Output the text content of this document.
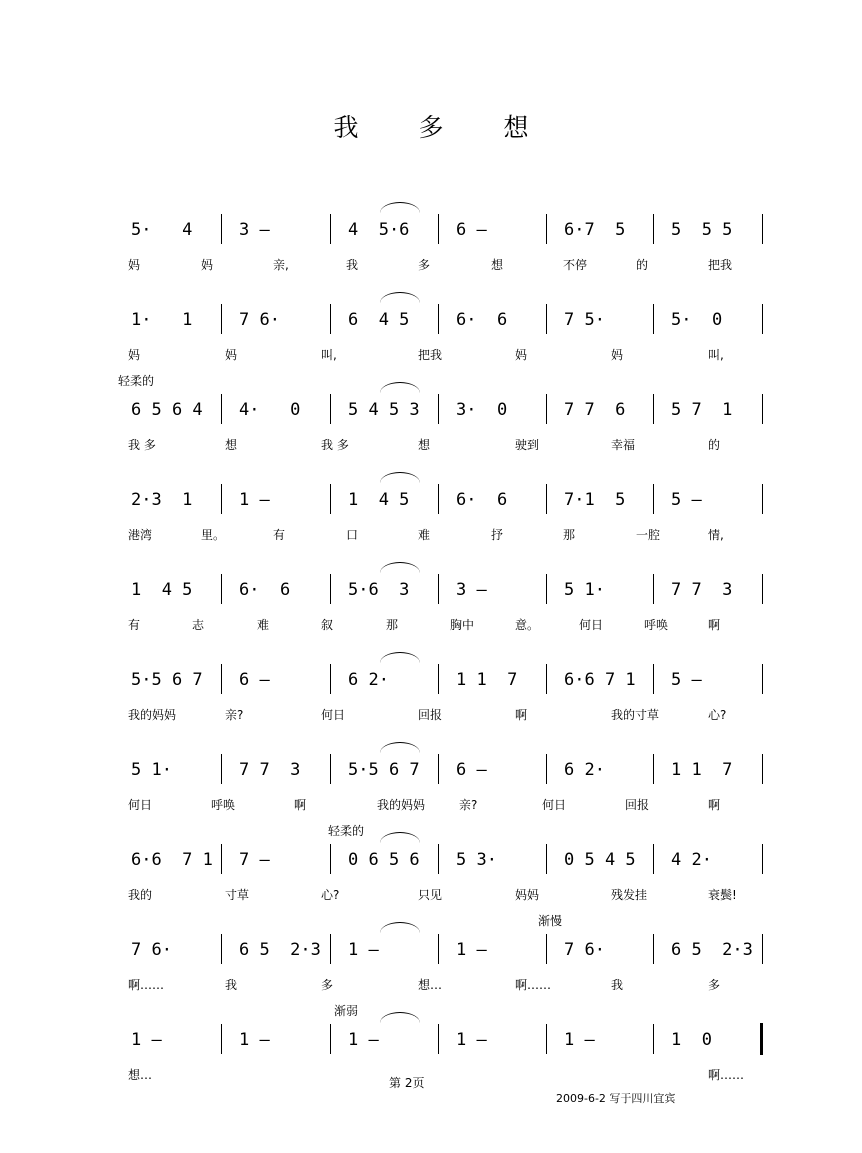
我 多 想
5·   4	3 –	4  5·6	6 –	6·7  5	5  5 5
妈	妈	亲,	我	多	想	不停	的	把我
1·   1	7 6·	6  4 5	6·  6	7 5·	5·  0
妈	妈	叫,	把我	妈	妈	叫,
6 5 6 4 4·   0	5 4 5 3 3·  0	7 7  6	5 7  1
我 多	想	我 多	想	驶到	幸福	的
2·3  1	1 –	1  4 5	6·  6	7·1  5	5 –
港湾	里。	有	口	难	抒	那	一腔	情,
1  4 5	6·  6	5·6  3	3 –	5 1·	7 7  3
有	志	难	叙	那	胸中	意。	何日	呼唤	啊
5·5 6 7 6 –	6 2·	1 1  7	6·6 7 1 5 –
我的妈妈	亲?	何日	回报	啊	我的寸草	心?
5 1·	7 7  3	5·5 6 7 6 –	6 2·	1 1  7
何日	呼唤	啊	我的妈妈	亲?	何日	回报	啊
6·6  7 1 7 –	0 6 5 6 5 3·	0 5 4 5 4 2·
我的	寸草	心?	只见	妈妈	残发挂	衰鬓!
7 6·	6 5  2·3 1 –	1 –	7 6·	6 5  2·3
啊……	我	多	想…	啊……	我	多
1 –	1 –	1 –	1 –	1 –	1  0
想…	啊……
轻柔的
轻柔的
渐慢
渐弱
第 2页
2009-6-2 写于四川宜宾
